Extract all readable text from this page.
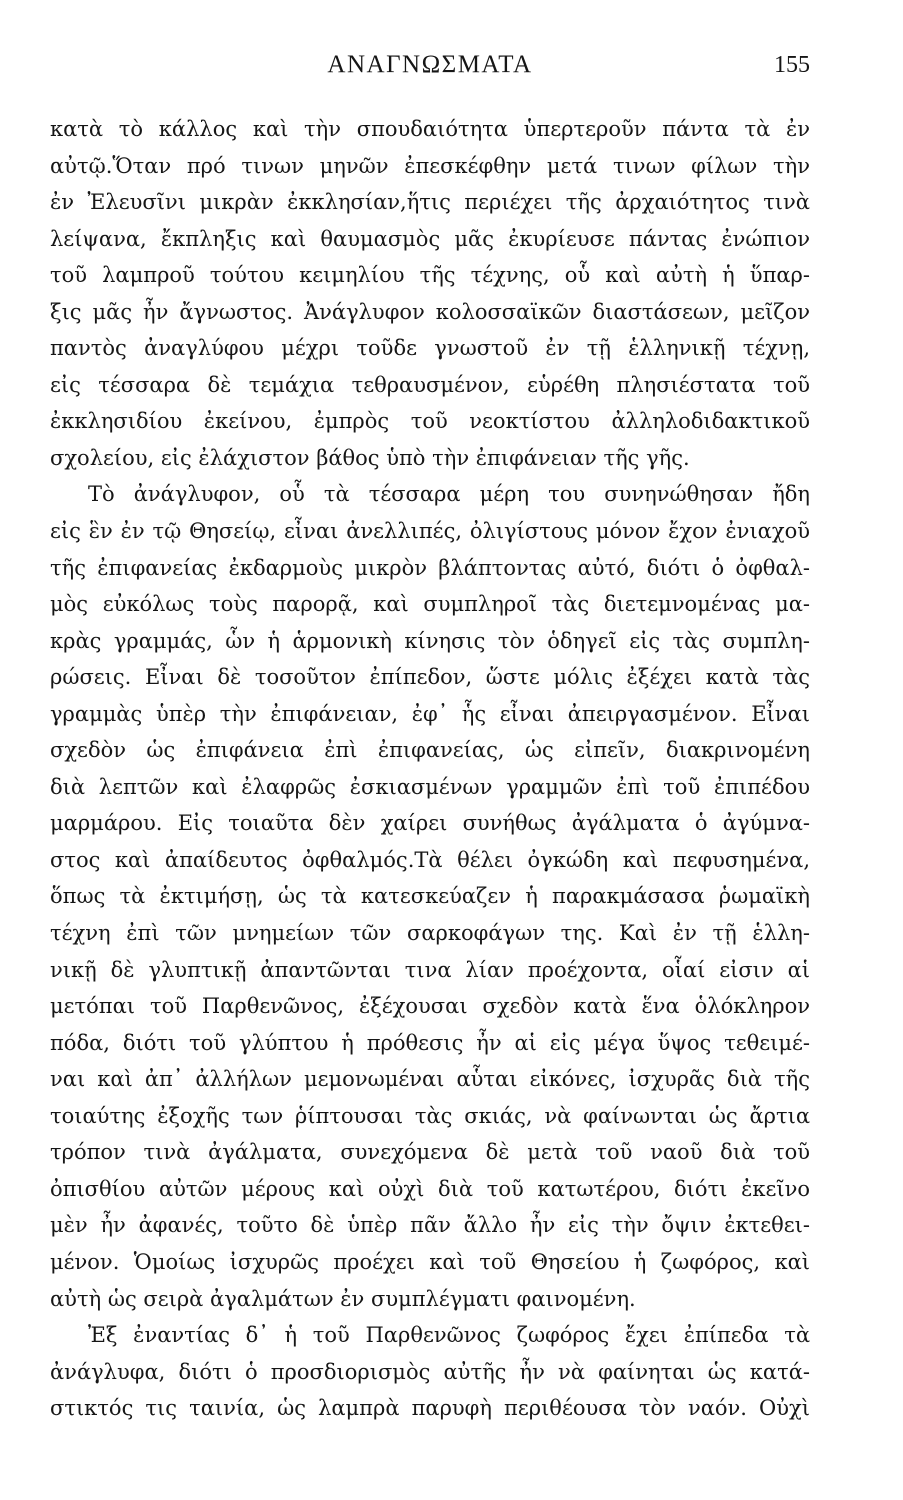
ΑΝΑΓΝΩΣΜΑΤΑ	155
κατὰ τὸ κάλλος καὶ τὴν σπουδαιότητα ὑπερτεροῦν πάντα τὰ ἐν
αὐτῷ.Ὅταν πρό τινων μηνῶν ἐπεσκέφθην μετά τινων φίλων τὴν
ἐν Ἐλευσῖνι μικρὰν ἐκκλησίαν,ἥτις περιέχει τῆς ἀρχαιότητος τινὰ
λείψανα, ἔκπληξις καὶ θαυμασμὸς μᾶς ἐκυρίευσε πάντας ἐνώπιον
τοῦ λαμπροῦ τούτου κειμηλίου τῆς τέχνης, οὗ καὶ αὐτὴ ἡ ὕπαρ-
ξις μᾶς ἦν ἄγνωστος. Ἀνάγλυφον κολοσσαϊκῶν διαστάσεων, μεῖζον
παντὸς ἀναγλύφου μέχρι τοῦδε γνωστοῦ ἐν τῇ ἑλληνικῇ τέχνῃ,
εἰς τέσσαρα δὲ τεμάχια τεθραυσμένον, εὑρέθη πλησιέστατα τοῦ
ἐκκλησιδίου ἐκείνου, ἐμπρὸς τοῦ νεοκτίστου ἀλληλοδιδακτικοῦ
σχολείου, εἰς ἐλάχιστον βάθος ὑπὸ τὴν ἐπιφάνειαν τῆς γῆς.
Τὸ ἀνάγλυφον, οὗ τὰ τέσσαρα μέρη του συνηνώθησαν ἤδη
εἰς ἓν ἐν τῷ Θησείῳ, εἶναι ἀνελλιπές, ὀλιγίστους μόνον ἔχον ἐνιαχοῦ
τῆς ἐπιφανείας ἐκδαρμοὺς μικρὸν βλάπτοντας αὐτό, διότι ὁ ὀφθαλ-
μὸς εὐκόλως τοὺς παρορᾷ, καὶ συμπληροῖ τὰς διετεμνομένας μα-
κρὰς γραμμάς, ὧν ἡ ἁρμονικὴ κίνησις τὸν ὁδηγεῖ εἰς τὰς συμπλη-
ρώσεις. Εἶναι δὲ τοσοῦτον ἐπίπεδον, ὥστε μόλις ἐξέχει κατὰ τὰς
γραμμὰς ὑπὲρ τὴν ἐπιφάνειαν, ἐφ᾽ ἧς εἶναι ἀπειργασμένον. Εἶναι
σχεδὸν ὡς ἐπιφάνεια ἐπὶ ἐπιφανείας, ὡς εἰπεῖν, διακρινομένη
διὰ λεπτῶν καὶ ἐλαφρῶς ἐσκιασμένων γραμμῶν ἐπὶ τοῦ ἐπιπέδου
μαρμάρου. Εἰς τοιαῦτα δὲν χαίρει συνήθως ἀγάλματα ὁ ἀγύμνα-
στος καὶ ἀπαίδευτος ὀφθαλμός.Τὰ θέλει ὀγκώδη καὶ πεφυσημένα,
ὅπως τὰ ἐκτιμήσῃ, ὡς τὰ κατεσκεύαζεν ἡ παρακμάσασα ῥωμαϊκὴ
τέχνη ἐπὶ τῶν μνημείων τῶν σαρκοφάγων της. Καὶ ἐν τῇ ἑλλη-
νικῇ δὲ γλυπτικῇ ἀπαντῶνται τινα λίαν προέχοντα, οἷαί εἰσιν αἱ
μετόπαι τοῦ Παρθενῶνος, ἐξέχουσαι σχεδὸν κατὰ ἕνα ὁλόκληρον
πόδα, διότι τοῦ γλύπτου ἡ πρόθεσις ἦν αἱ εἰς μέγα ὕψος τεθειμέ-
ναι καὶ ἀπ᾽ ἀλλήλων μεμονωμέναι αὗται εἰκόνες, ἰσχυρᾶς διὰ τῆς
τοιαύτης ἐξοχῆς των ῥίπτουσαι τὰς σκιάς, νὰ φαίνωνται ὡς ἄρτια
τρόπον τινὰ ἀγάλματα, συνεχόμενα δὲ μετὰ τοῦ ναοῦ διὰ τοῦ
ὀπισθίου αὐτῶν μέρους καὶ οὐχὶ διὰ τοῦ κατωτέρου, διότι ἐκεῖνο
μὲν ἦν ἀφανές, τοῦτο δὲ ὑπὲρ πᾶν ἄλλο ἦν εἰς τὴν ὄψιν ἐκτεθει-
μένον. Ὁμοίως ἰσχυρῶς προέχει καὶ τοῦ Θησείου ἡ ζωφόρος, καὶ
αὐτὴ ὡς σειρὰ ἀγαλμάτων ἐν συμπλέγματι φαινομένη.
Ἐξ ἐναντίας δ᾽ ἡ τοῦ Παρθενῶνος ζωφόρος ἔχει ἐπίπεδα τὰ
ἀνάγλυφα, διότι ὁ προσδιορισμὸς αὐτῆς ἦν νὰ φαίνηται ὡς κατά-
στικτός τις ταινία, ὡς λαμπρὰ παρυφὴ περιθέουσα τὸν ναόν. Οὐχὶ
